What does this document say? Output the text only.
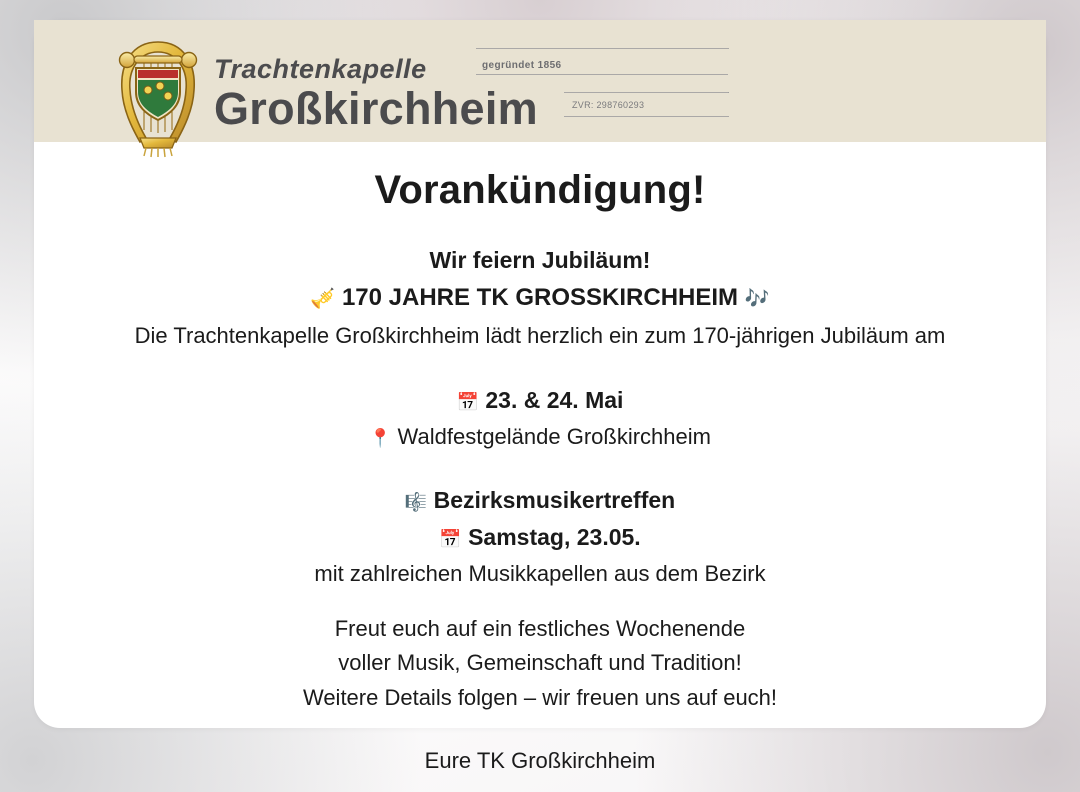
Trachtenkapelle
Großkirchheim
gegründet 1856
ZVR: 298760293
Vorankündigung!

Wir feiern Jubiläum!

🎺 170 JAHRE TK GROSSKIRCHHEIM 🎶

Die Trachtenkapelle Großkirchheim lädt herzlich ein zum 170-jährigen Jubiläum am

📅 23. & 24. Mai

📍 Waldfestgelände Großkirchheim

🎼 Bezirksmusikertreffen

📅 Samstag, 23.05.

mit zahlreichen Musikkapellen aus dem Bezirk

Freut euch auf ein festliches Wochenende

voller Musik, Gemeinschaft und Tradition!

Weitere Details folgen – wir freuen uns auf euch!

Eure TK Großkirchheim
